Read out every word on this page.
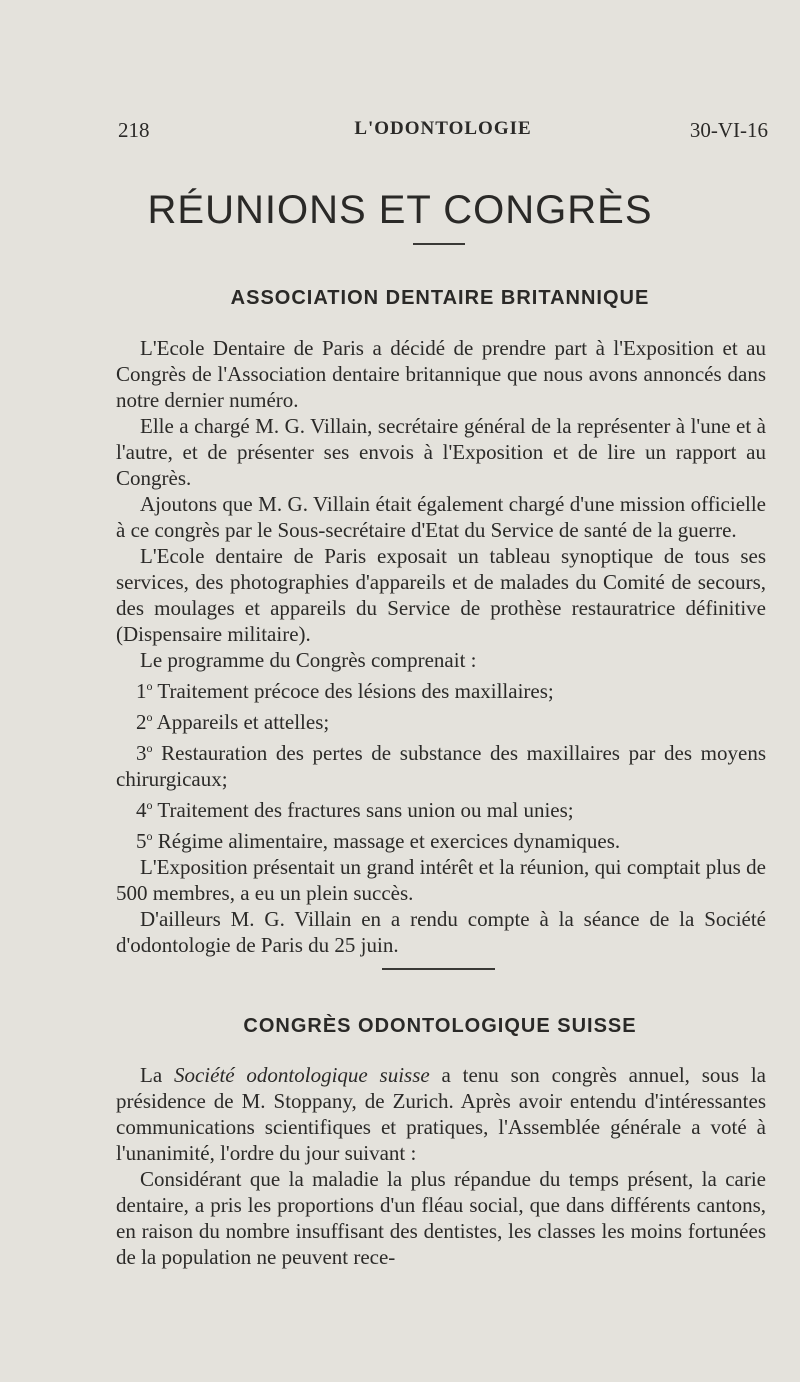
218	L'ODONTOLOGIE	30-VI-16
RÉUNIONS ET CONGRÈS
ASSOCIATION DENTAIRE BRITANNIQUE

L'Ecole Dentaire de Paris a décidé de prendre part à l'Exposition et au Congrès de l'Association dentaire britannique que nous avons annoncés dans notre dernier numéro.

Elle a chargé M. G. Villain, secrétaire général de la représenter à l'une et à l'autre, et de présenter ses envois à l'Exposition et de lire un rapport au Congrès.

Ajoutons que M. G. Villain était également chargé d'une mission officielle à ce congrès par le Sous-secrétaire d'Etat du Service de santé de la guerre.

L'Ecole dentaire de Paris exposait un tableau synoptique de tous ses services, des photographies d'appareils et de malades du Comité de secours, des moulages et appareils du Service de prothèse restauratrice définitive (Dispensaire militaire).

Le programme du Congrès comprenait :

1$^o$ Traitement précoce des lésions des maxillaires;

2$^o$ Appareils et attelles;

3$^o$ Restauration des pertes de substance des maxillaires par des moyens chirurgicaux;

4$^o$ Traitement des fractures sans union ou mal unies;

5$^o$ Régime alimentaire, massage et exercices dynamiques.

L'Exposition présentait un grand intérêt et la réunion, qui comptait plus de 500 membres, a eu un plein succès.

D'ailleurs M. G. Villain en a rendu compte à la séance de la Société d'odontologie de Paris du 25 juin.

CONGRÈS ODONTOLOGIQUE SUISSE

La Société odontologique suisse a tenu son congrès annuel, sous la présidence de M. Stoppany, de Zurich. Après avoir entendu d'intéressantes communications scientifiques et pratiques, l'Assemblée générale a voté à l'unanimité, l'ordre du jour suivant :

Considérant que la maladie la plus répandue du temps présent, la carie dentaire, a pris les proportions d'un fléau social, que dans différents cantons, en raison du nombre insuffisant des dentistes, les classes les moins fortunées de la population ne peuvent rece-
